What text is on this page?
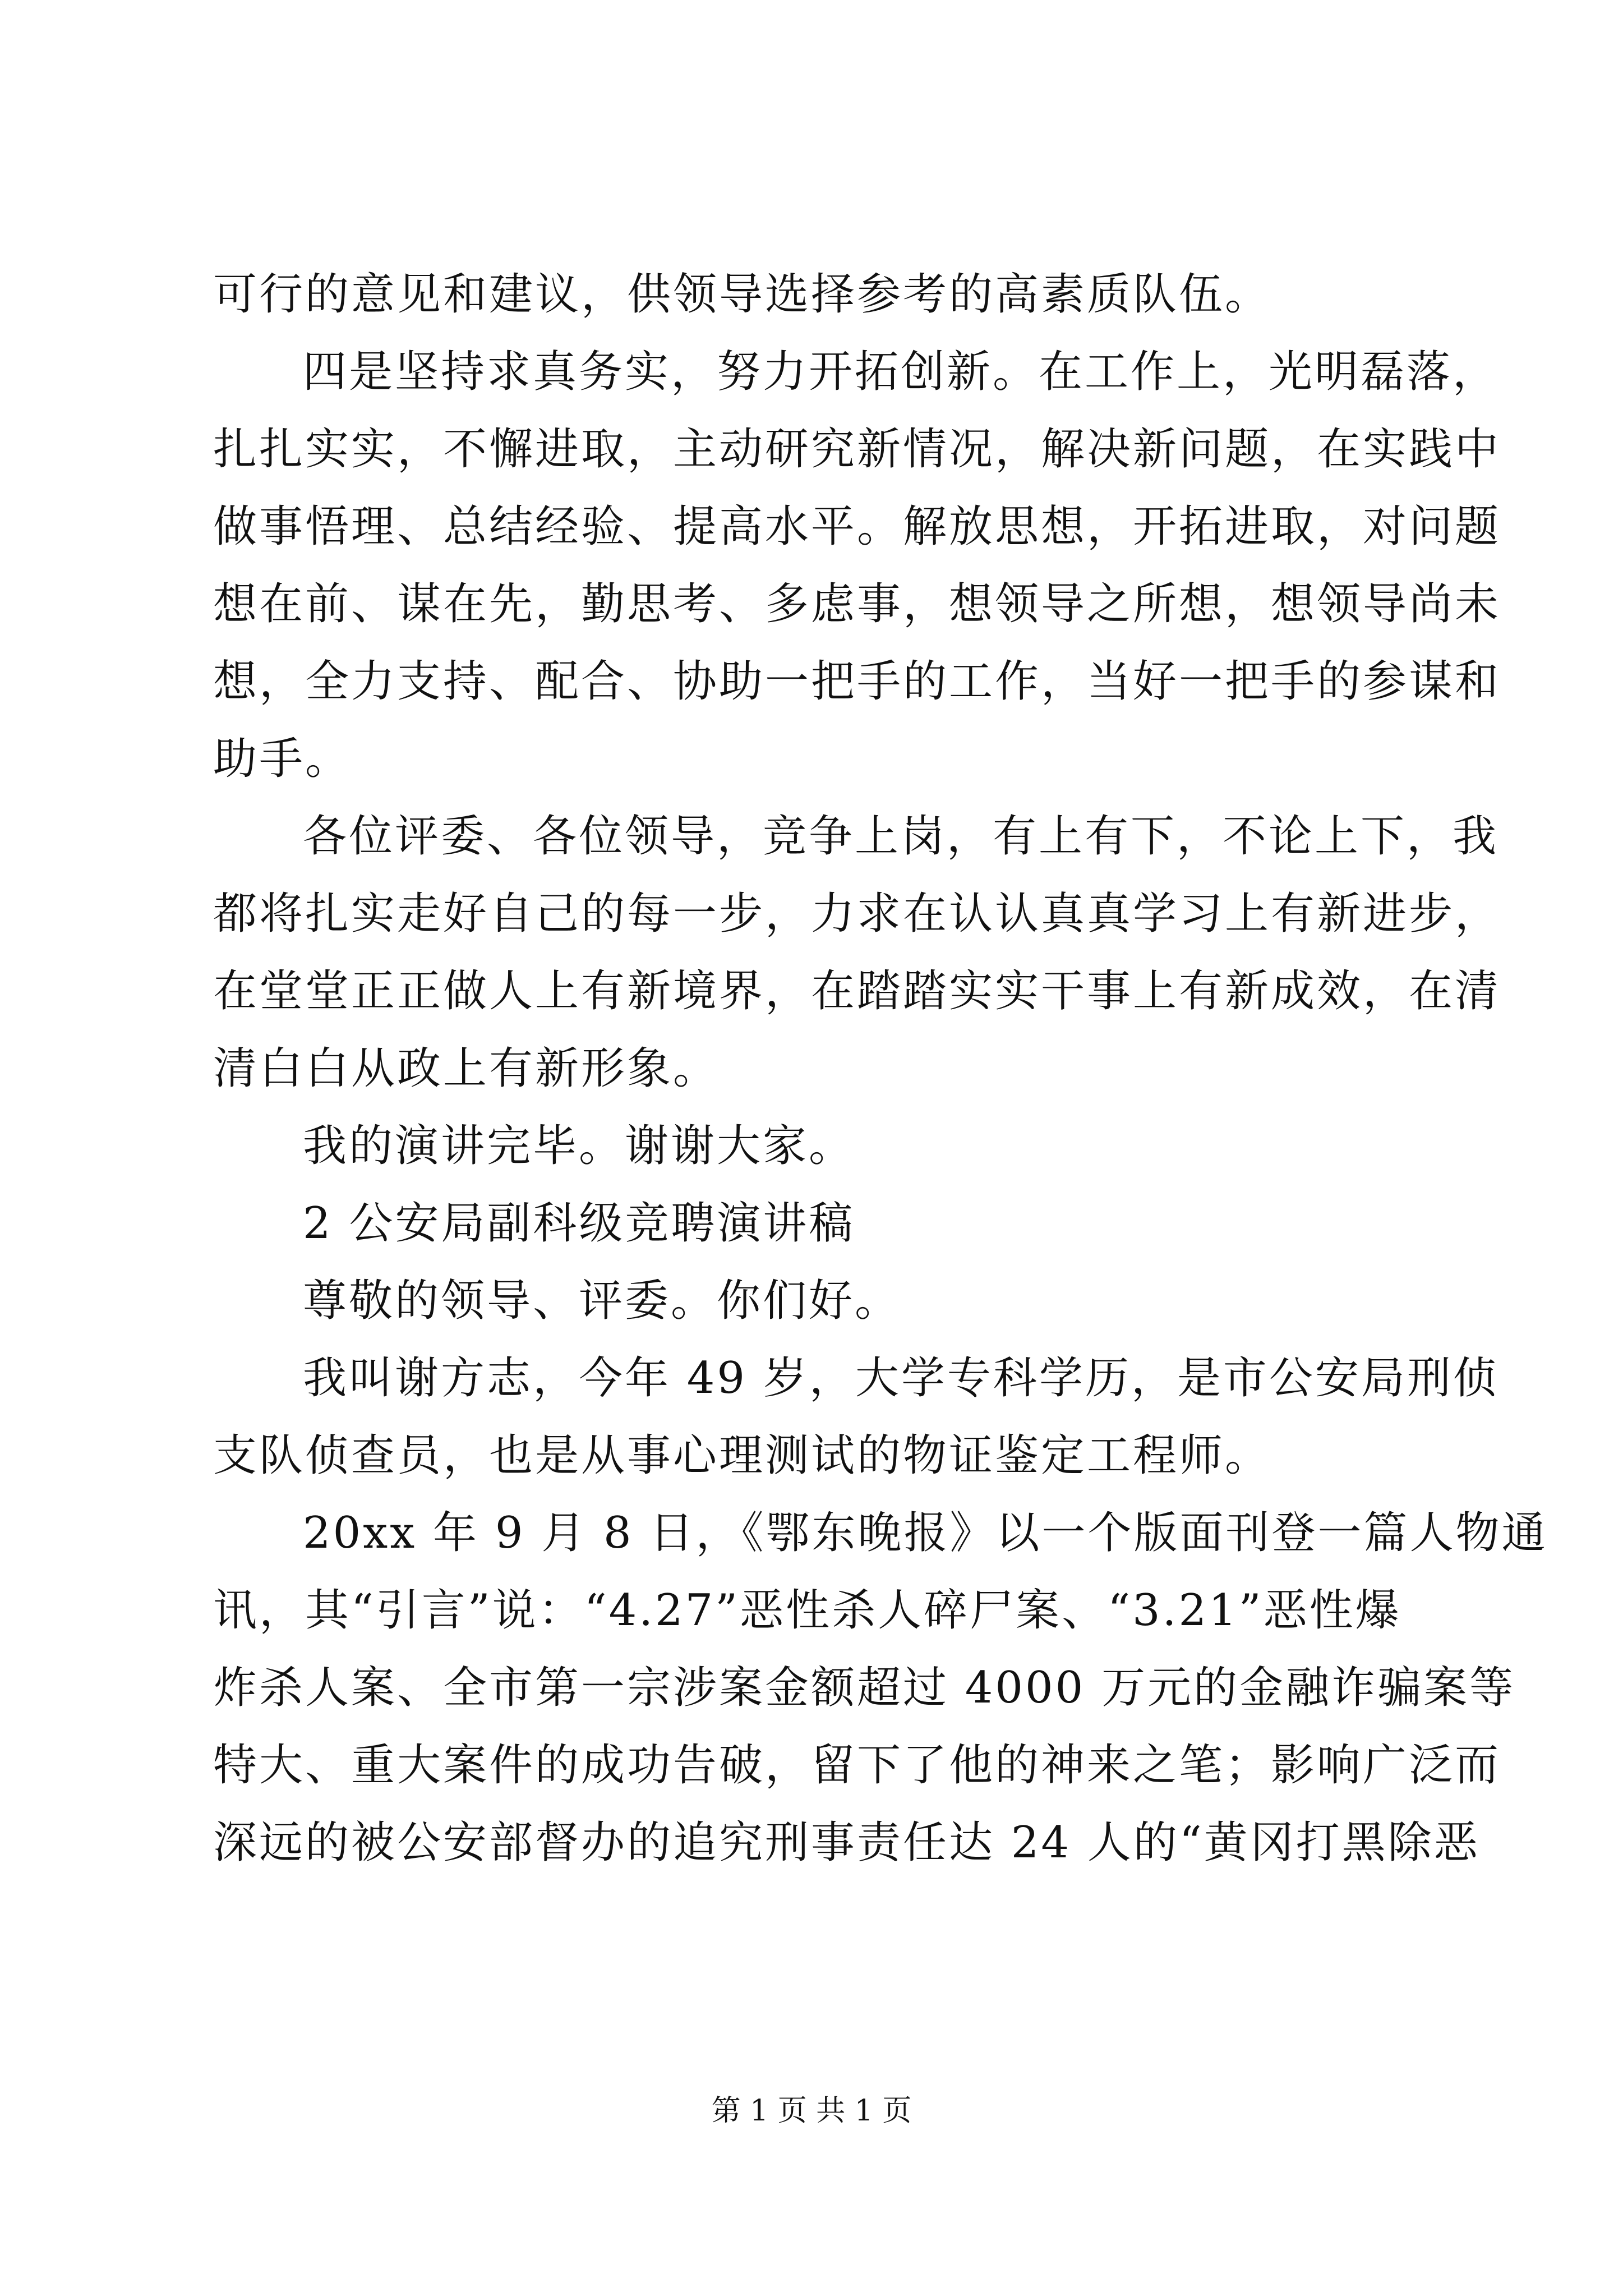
可行的意见和建议，供领导选择参考的高素质队伍。
四是坚持求真务实，努力开拓创新。在工作上，光明磊落，
扎扎实实，不懈进取，主动研究新情况，解决新问题，在实践中
做事悟理、总结经验、提高水平。解放思想，开拓进取，对问题
想在前、谋在先，勤思考、多虑事，想领导之所想，想领导尚未
想，全力支持、配合、协助一把手的工作，当好一把手的参谋和
助手。
各位评委、各位领导，竞争上岗，有上有下，不论上下，我
都将扎实走好自己的每一步，力求在认认真真学习上有新进步，
在堂堂正正做人上有新境界，在踏踏实实干事上有新成效，在清
清白白从政上有新形象。
我的演讲完毕。谢谢大家。
2 公安局副科级竞聘演讲稿
尊敬的领导、评委。你们好。
我叫谢方志，今年 49 岁，大学专科学历，是市公安局刑侦
支队侦查员，也是从事心理测试的物证鉴定工程师。
20xx 年 9 月 8 日，《鄂东晚报》以一个版面刊登一篇人物通
讯，其“引言”说：“4.27”恶性杀人碎尸案、“3.21”恶性爆
炸杀人案、全市第一宗涉案金额超过 4000 万元的金融诈骗案等
特大、重大案件的成功告破，留下了他的神来之笔；影响广泛而
深远的被公安部督办的追究刑事责任达 24 人的“黄冈打黑除恶
第 1 页 共 1 页
